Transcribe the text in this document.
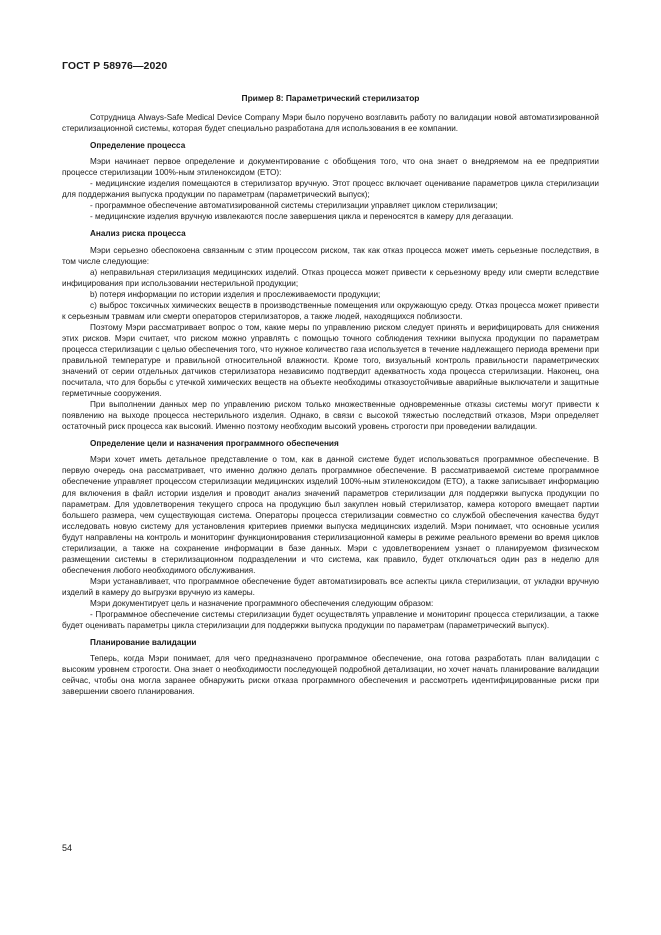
ГОСТ Р 58976—2020
Пример 8: Параметрический стерилизатор

Сотрудница Always-Safe Medical Device Company Мэри было поручено возглавить работу по валидации новой автоматизированной стерилизационной системы, которая будет специально разработана для использования в ее компании.

Определение процесса

Мэри начинает первое определение и документирование с обобщения того, что она знает о внедряемом на ее предприятии процессе стерилизации 100%-ным этиленоксидом (ЕТО):

- медицинские изделия помещаются в стерилизатор вручную. Этот процесс включает оценивание параметров цикла стерилизации для поддержания выпуска продукции по параметрам (параметрический выпуск);

- программное обеспечение автоматизированной системы стерилизации управляет циклом стерилизации;

- медицинские изделия вручную извлекаются после завершения цикла и переносятся в камеру для дегазации.

Анализ риска процесса

Мэри серьезно обеспокоена связанным с этим процессом риском, так как отказ процесса может иметь серьезные последствия, в том числе следующие:

а) неправильная стерилизация медицинских изделий. Отказ процесса может привести к серьезному вреду или смерти вследствие инфицирования при использовании нестерильной продукции;

b) потеря информации по истории изделия и прослеживаемости продукции;

с) выброс токсичных химических веществ в производственные помещения или окружающую среду. Отказ процесса может привести к серьезным травмам или смерти операторов стерилизаторов, а также людей, находящихся поблизости.

Поэтому Мэри рассматривает вопрос о том, какие меры по управлению риском следует принять и верифицировать для снижения этих рисков. Мэри считает, что риском можно управлять с помощью точного соблюдения техники выпуска продукции по параметрам процесса стерилизации с целью обеспечения того, что нужное количество газа используется в течение надлежащего периода времени при правильной температуре и правильной относительной влажности. Кроме того, визуальный контроль правильности параметрических значений от серии отдельных датчиков стерилизатора независимо подтвердит адекватность хода процесса стерилизации. Наконец, она посчитала, что для борьбы с утечкой химических веществ на объекте необходимы отказоустойчивые аварийные выключатели и защитные герметичные сооружения.

При выполнении данных мер по управлению риском только множественные одновременные отказы системы могут привести к появлению на выходе процесса нестерильного изделия. Однако, в связи с высокой тяжестью последствий отказов, Мэри определяет остаточный риск процесса как высокий. Именно поэтому необходим высокий уровень строгости при проведении валидации.

Определение цели и назначения программного обеспечения

Мэри хочет иметь детальное представление о том, как в данной системе будет использоваться программное обеспечение. В первую очередь она рассматривает, что именно должно делать программное обеспечение. В рассматриваемой системе программное обеспечение управляет процессом стерилизации медицинских изделий 100%-ным этиленоксидом (ЕТО), а также записывает информацию для включения в файл истории изделия и проводит анализ значений параметров стерилизации для поддержки выпуска продукции по параметрам. Для удовлетворения текущего спроса на продукцию был закуплен новый стерилизатор, камера которого вмещает партии большего размера, чем существующая система. Операторы процесса стерилизации совместно со службой обеспечения качества будут исследовать новую систему для установления критериев приемки выпуска медицинских изделий. Мэри понимает, что основные усилия будут направлены на контроль и мониторинг функционирования стерилизационной камеры в режиме реального времени во время циклов стерилизации, а также на сохранение информации в базе данных. Мэри с удовлетворением узнает о планируемом физическом размещении системы в стерилизационном подразделении и что система, как правило, будет отключаться один раз в неделю для обеспечения любого необходимого обслуживания.

Мэри устанавливает, что программное обеспечение будет автоматизировать все аспекты цикла стерилизации, от укладки вручную изделий в камеру до выгрузки вручную из камеры.

Мэри документирует цель и назначение программного обеспечения следующим образом:

- Программное обеспечение системы стерилизации будет осуществлять управление и мониторинг процесса стерилизации, а также будет оценивать параметры цикла стерилизации для поддержки выпуска продукции по параметрам (параметрический выпуск).

Планирование валидации

Теперь, когда Мэри понимает, для чего предназначено программное обеспечение, она готова разработать план валидации с высоким уровнем строгости. Она знает о необходимости последующей подробной детализации, но хочет начать планирование валидации сейчас, чтобы она могла заранее обнаружить риски отказа программного обеспечения и рассмотреть идентифицированные риски при завершении своего планирования.

54
